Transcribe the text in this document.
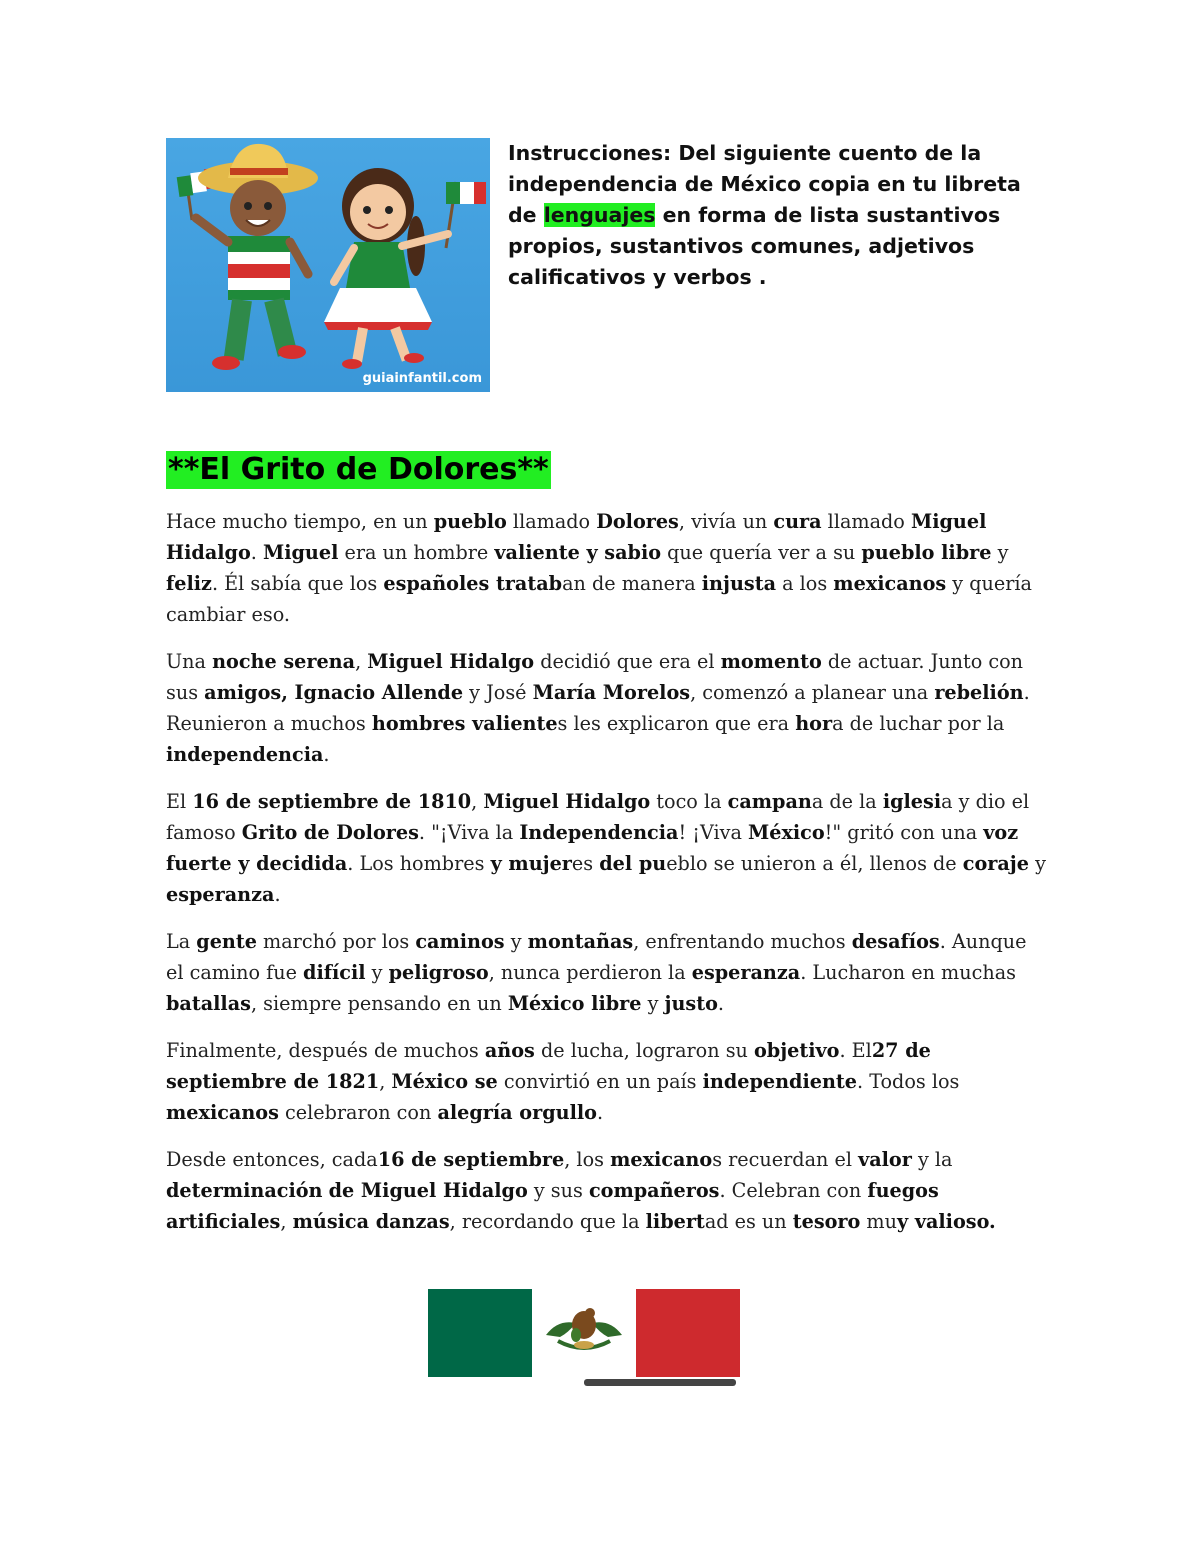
guiainfantil.com

Instrucciones: Del siguiente cuento de la independencia de México copia en tu libreta de lenguajes en forma de lista sustantivos propios, sustantivos comunes, adjetivos calificativos y verbos .

**El Grito de Dolores**

Hace mucho tiempo, en un pueblo llamado Dolores, vivía un cura llamado Miguel Hidalgo. Miguel era un hombre valiente y sabio que quería ver a su pueblo libre y feliz. Él sabía que los españoles trataban de manera injusta a los mexicanos y quería cambiar eso.

Una noche serena, Miguel Hidalgo decidió que era el momento de actuar. Junto con sus amigos, Ignacio Allende y José María Morelos, comenzó a planear una rebelión. Reunieron a muchos hombres valientes les explicaron que era hora de luchar por la independencia.

El 16 de septiembre de 1810, Miguel Hidalgo toco la campana de la iglesia y dio el famoso Grito de Dolores. "¡Viva la Independencia! ¡Viva México!" gritó con una voz fuerte y decidida. Los hombres y mujeres del pueblo se unieron a él, llenos de coraje y esperanza.

La gente marchó por los caminos y montañas, enfrentando muchos desafíos. Aunque el camino fue difícil y peligroso, nunca perdieron la esperanza. Lucharon en muchas batallas, siempre pensando en un México libre y justo.

Finalmente, después de muchos años de lucha, lograron su objetivo. El27 de septiembre de 1821, México se convirtió en un país independiente. Todos los mexicanos celebraron con alegría orgullo.

Desde entonces, cada16 de septiembre, los mexicanos recuerdan el valor y la determinación de Miguel Hidalgo y sus compañeros. Celebran con fuegos artificiales, música danzas, recordando que la libertad es un tesoro muy valioso.
